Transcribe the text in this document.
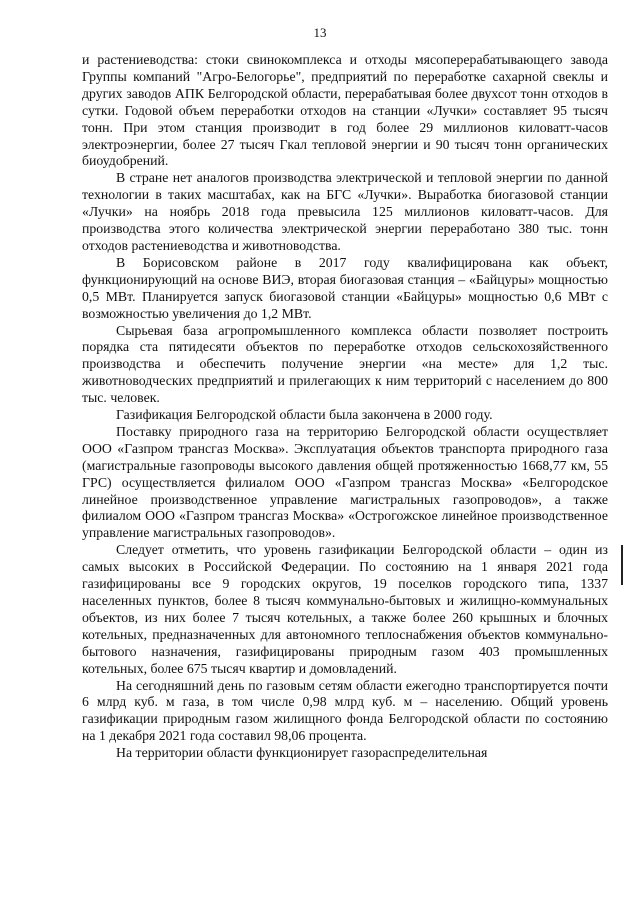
13

и растениеводства: стоки свинокомплекса и отходы мясоперерабатывающего завода Группы компаний "Агро-Белогорье", предприятий по переработке сахарной свеклы и других заводов АПК Белгородской области, перерабатывая более двухсот тонн отходов в сутки. Годовой объем переработки отходов на станции «Лучки» составляет 95 тысяч тонн. При этом станция производит в год более 29 миллионов киловатт-часов электроэнергии, более 27 тысяч Гкал тепловой энергии и 90 тысяч тонн органических биоудобрений.

В стране нет аналогов производства электрической и тепловой энергии по данной технологии в таких масштабах, как на БГС «Лучки». Выработка биогазовой станции «Лучки» на ноябрь 2018 года превысила 125 миллионов киловатт-часов. Для производства этого количества электрической энергии переработано 380 тыс. тонн отходов растениеводства и животноводства.

В Борисовском районе в 2017 году квалифицирована как объект, функционирующий на основе ВИЭ, вторая биогазовая станция – «Байцуры» мощностью 0,5 МВт. Планируется запуск биогазовой станции «Байцуры» мощностью 0,6 МВт с возможностью увеличения до 1,2 МВт.

Сырьевая база агропромышленного комплекса области позволяет построить порядка ста пятидесяти объектов по переработке отходов сельскохозяйственного производства и обеспечить получение энергии «на месте» для 1,2 тыс. животноводческих предприятий и прилегающих к ним территорий с населением до 800 тыс. человек.

Газификация Белгородской области была закончена в 2000 году.

Поставку природного газа на территорию Белгородской области осуществляет ООО «Газпром трансгаз Москва». Эксплуатация объектов транспорта природного газа (магистральные газопроводы высокого давления общей протяженностью 1668,77 км, 55 ГРС) осуществляется филиалом ООО «Газпром трансгаз Москва» «Белгородское линейное производственное управление магистральных газопроводов», а также филиалом ООО «Газпром трансгаз Москва» «Острогожское линейное производственное управление магистральных газопроводов».

Следует отметить, что уровень газификации Белгородской области – один из самых высоких в Российской Федерации. По состоянию на 1 января 2021 года газифицированы все 9 городских округов, 19 поселков городского типа, 1337 населенных пунктов, более 8 тысяч коммунально-бытовых и жилищно-коммунальных объектов, из них более 7 тысяч котельных, а также более 260 крышных и блочных котельных, предназначенных для автономного теплоснабжения объектов коммунально-бытового назначения, газифицированы природным газом 403 промышленных котельных, более 675 тысяч квартир и домовладений.

На сегодняшний день по газовым сетям области ежегодно транспортируется почти 6 млрд куб. м газа, в том числе 0,98 млрд куб. м – населению. Общий уровень газификации природным газом жилищного фонда Белгородской области по состоянию на 1 декабря 2021 года составил 98,06 процента.

На территории области функционирует газораспределительная
